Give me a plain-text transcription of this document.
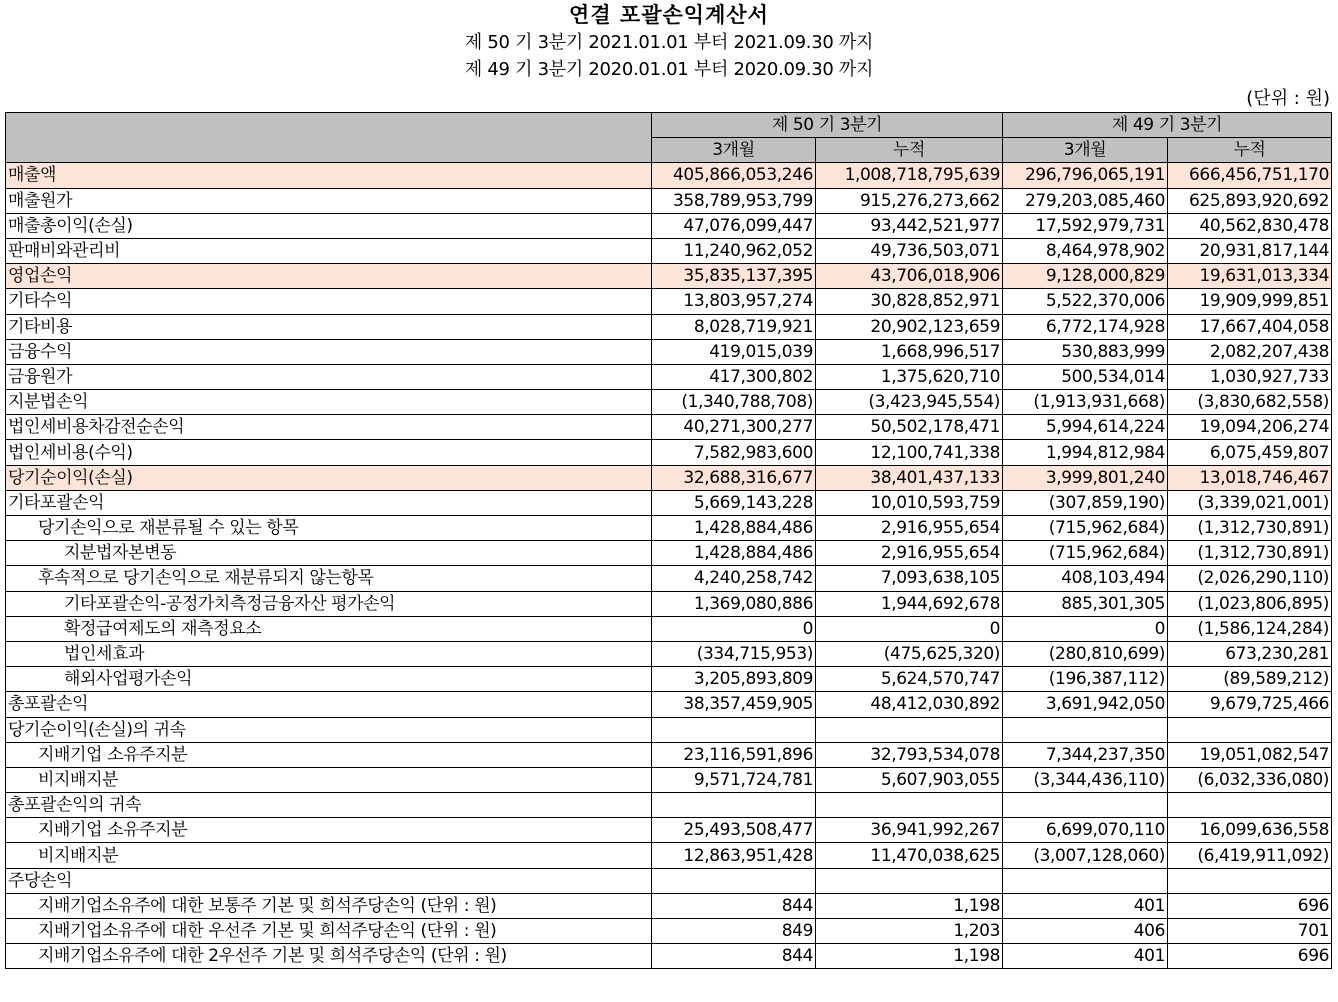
연결 포괄손익계산서
제 50 기 3분기 2021.01.01 부터 2021.09.30 까지
제 49 기 3분기 2020.01.01 부터 2020.09.30 까지
(단위 : 원)
	제 50 기 3분기		제 49 기 3분기	
	3개월	누적	3개월	누적
매출액	405,866,053,246	1,008,718,795,639	296,796,065,191	666,456,751,170
매출원가	358,789,953,799	915,276,273,662	279,203,085,460	625,893,920,692
매출총이익(손실)	47,076,099,447	93,442,521,977	17,592,979,731	40,562,830,478
판매비와관리비	11,240,962,052	49,736,503,071	8,464,978,902	20,931,817,144
영업손익	35,835,137,395	43,706,018,906	9,128,000,829	19,631,013,334
기타수익	13,803,957,274	30,828,852,971	5,522,370,006	19,909,999,851
기타비용	8,028,719,921	20,902,123,659	6,772,174,928	17,667,404,058
금융수익	419,015,039	1,668,996,517	530,883,999	2,082,207,438
금융원가	417,300,802	1,375,620,710	500,534,014	1,030,927,733
지분법손익	(1,340,788,708)	(3,423,945,554)	(1,913,931,668)	(3,830,682,558)
법인세비용차감전순손익	40,271,300,277	50,502,178,471	5,994,614,224	19,094,206,274
법인세비용(수익)	7,582,983,600	12,100,741,338	1,994,812,984	6,075,459,807
당기순이익(손실)	32,688,316,677	38,401,437,133	3,999,801,240	13,018,746,467
기타포괄손익	5,669,143,228	10,010,593,759	(307,859,190)	(3,339,021,001)
당기손익으로 재분류될 수 있는 항목	1,428,884,486	2,916,955,654	(715,962,684)	(1,312,730,891)
지분법자본변동	1,428,884,486	2,916,955,654	(715,962,684)	(1,312,730,891)
후속적으로 당기손익으로 재분류되지 않는항목	4,240,258,742	7,093,638,105	408,103,494	(2,026,290,110)
기타포괄손익-공정가치측정금융자산 평가손익	1,369,080,886	1,944,692,678	885,301,305	(1,023,806,895)
확정급여제도의 재측정요소	0	0	0	(1,586,124,284)
법인세효과	(334,715,953)	(475,625,320)	(280,810,699)	673,230,281
해외사업평가손익	3,205,893,809	5,624,570,747	(196,387,112)	(89,589,212)
총포괄손익	38,357,459,905	48,412,030,892	3,691,942,050	9,679,725,466
당기순이익(손실)의 귀속				
지배기업 소유주지분	23,116,591,896	32,793,534,078	7,344,237,350	19,051,082,547
비지배지분	9,571,724,781	5,607,903,055	(3,344,436,110)	(6,032,336,080)
총포괄손익의 귀속				
지배기업 소유주지분	25,493,508,477	36,941,992,267	6,699,070,110	16,099,636,558
비지배지분	12,863,951,428	11,470,038,625	(3,007,128,060)	(6,419,911,092)
주당손익				
지배기업소유주에 대한 보통주 기본 및 희석주당손익 (단위 : 원)	844	1,198	401	696
지배기업소유주에 대한 우선주 기본 및 희석주당손익 (단위 : 원)	849	1,203	406	701
지배기업소유주에 대한 2우선주 기본 및 희석주당손익 (단위 : 원)	844	1,198	401	696
